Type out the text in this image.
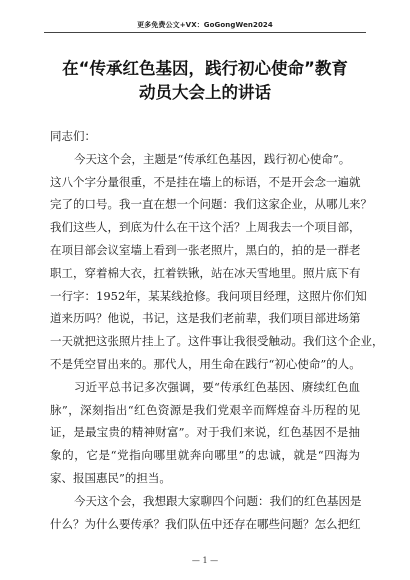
更多免费公文+VX：GoGongWen2024
在“传承红色基因，践行初心使命”教育
动员大会上的讲话
同志们：
今天这个会，主题是“传承红色基因，践行初心使命”。
这八个字分量很重，不是挂在墙上的标语，不是开会念一遍就
完了的口号。我一直在想一个问题：我们这家企业，从哪儿来？
我们这些人，到底为什么在干这个活？上周我去一个项目部，
在项目部会议室墙上看到一张老照片，黑白的，拍的是一群老
职工，穿着棉大衣，扛着铁锹，站在冰天雪地里。照片底下有
一行字：1952年，某某线抢修。我问项目经理，这照片你们知
道来历吗？他说，书记，这是我们老前辈，我们项目部进场第
一天就把这张照片挂上了。这件事让我很受触动。我们这个企业，
不是凭空冒出来的。那代人，用生命在践行“初心使命”的人。
习近平总书记多次强调，要“传承红色基因、赓续红色血
脉”，深刻指出“红色资源是我们党艰辛而辉煌奋斗历程的见
证，是最宝贵的精神财富”。对于我们来说，红色基因不是抽
象的，它是“党指向哪里就奔向哪里”的忠诚，就是“四海为
家、报国惠民”的担当。
今天这个会，我想跟大家聊四个问题：我们的红色基因是
什么？为什么要传承？我们队伍中还存在哪些问题？怎么把红
— 1 —
